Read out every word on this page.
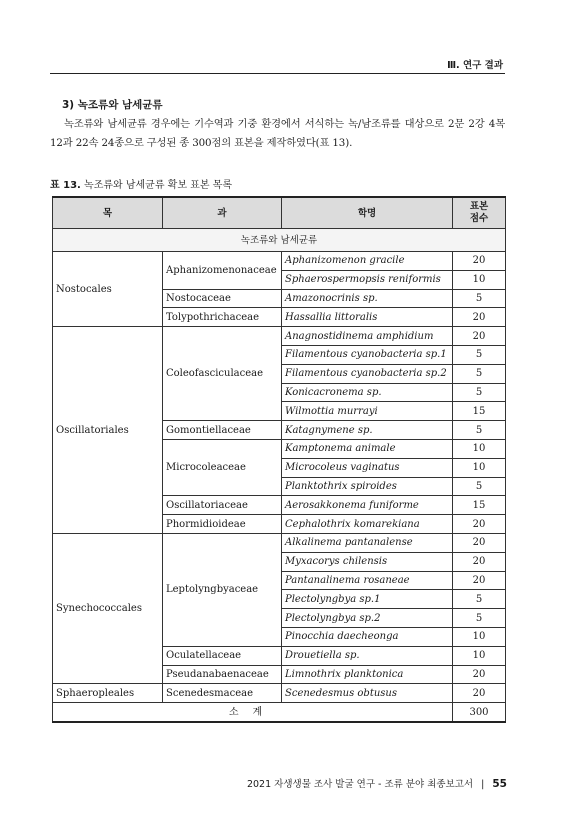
Ⅲ. 연구 결과
3) 녹조류와 남세균류
녹조류와 남세균류 경우에는 기수역과 기중 환경에서 서식하는 녹/남조류를 대상으로 2문 2강 4목 12과 22속 24종으로 구성된 종 300점의 표본을 제작하였다(표 13).
표 13. 녹조류와 남세균류 확보 표본 목록
목	과	학명	표본
점수
녹조류와 남세균류			
Nostocales	Aphanizomenonaceae	Aphanizomenon gracile	20
		Sphaerospermopsis reniformis	10
	Nostocaceae	Amazonocrinis sp.	5
	Tolypothrichaceae	Hassallia littoralis	20
Oscillatoriales	Coleofasciculaceae	Anagnostidinema amphidium	20
		Filamentous cyanobacteria sp.1	5
		Filamentous cyanobacteria sp.2	5
		Konicacronema sp.	5
		Wilmottia murrayi	15
	Gomontiellaceae	Katagnymene sp.	5
	Microcoleaceae	Kamptonema animale	10
		Microcoleus vaginatus	10
		Planktothrix spiroides	5
	Oscillatoriaceae	Aerosakkonema funiforme	15
	Phormidioideae	Cephalothrix komarekiana	20
Synechococcales	Leptolyngbyaceae	Alkalinema pantanalense	20
		Myxacorys chilensis	20
		Pantanalinema rosaneae	20
		Plectolyngbya sp.1	5
		Plectolyngbya sp.2	5
		Pinocchia daecheonga	10
	Oculatellaceae	Drouetiella sp.	10
	Pseudanabaenaceae	Limnothrix planktonica	20
Sphaeropleales	Scenedesmaceae	Scenedesmus obtusus	20
소계			300
2021 자생생물 조사 발굴 연구 - 조류 분야 최종보고서 | 55
